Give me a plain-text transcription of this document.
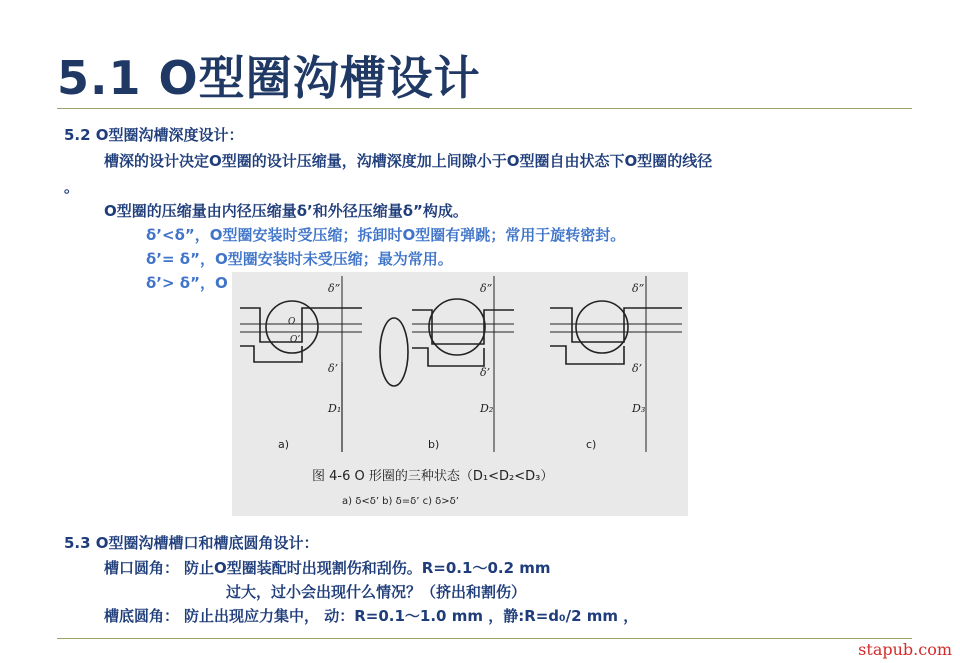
5.1 O型圈沟槽设计
5.2 O型圈沟槽深度设计：
槽深的设计决定O型圈的设计压缩量，沟槽深度加上间隙小于O型圈自由状态下O型圈的线径
。
O型圈的压缩量由内径压缩量δ’和外径压缩量δ”构成。
δ’<δ”，O型圈安装时受压缩；拆卸时O型圈有弹跳；常用于旋转密封。
δ’= δ”，O型圈安装时未受压缩；最为常用。
δ’> δ”，O	δ”
δ’
D₁
δ”
δ’
D₂
δ”
δ’
D₃
O
O’
a)	b)	c)
图 4-6 O 形圈的三种状态（D₁<D₂<D₃）
a) δ<δ’ b) δ=δ’ c) δ>δ’
5.3 O型圈沟槽槽口和槽底圆角设计：
槽口圆角： 防止O型圈装配时出现割伤和刮伤。R=0.1～0.2 mm
过大，过小会出现什么情况？（挤出和割伤）
槽底圆角： 防止出现应力集中， 动：R=0.1～1.0 mm ，静:R=d₀/2 mm ，
stapub.com
